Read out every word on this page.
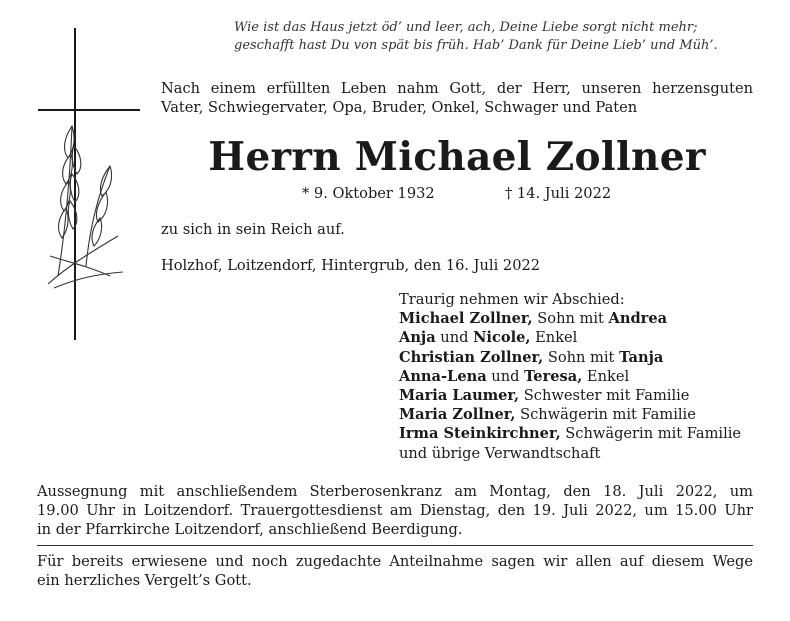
Wie ist das Haus jetzt öd’ und leer, ach, Deine Liebe sorgt nicht mehr;
geschafft hast Du von spät bis früh. Hab’ Dank für Deine Lieb’ und Müh’.
Nach einem erfüllten Leben nahm Gott, der Herr, unseren herzensguten
Vater, Schwiegervater, Opa, Bruder, Onkel, Schwager und Paten
Herrn Michael Zollner
* 9. Oktober 1932	† 14. Juli 2022
zu sich in sein Reich auf.
Holzhof, Loitzendorf, Hintergrub, den 16. Juli 2022
Traurig nehmen wir Abschied:
Michael Zollner, Sohn mit Andrea
Anja und Nicole, Enkel
Christian Zollner, Sohn mit Tanja
Anna-Lena und Teresa, Enkel
Maria Laumer, Schwester mit Familie
Maria Zollner, Schwägerin mit Familie
Irma Steinkirchner, Schwägerin mit Familie
und übrige Verwandtschaft
Aussegnung mit anschließendem Sterberosenkranz am Montag, den 18. Juli 2022, um
19.00 Uhr in Loitzendorf. Trauergottesdienst am Dienstag, den 19. Juli 2022, um 15.00 Uhr
in der Pfarrkirche Loitzendorf, anschließend Beerdigung.
Für bereits erwiesene und noch zugedachte Anteilnahme sagen wir allen auf diesem Wege
ein herzliches Vergelt’s Gott.
